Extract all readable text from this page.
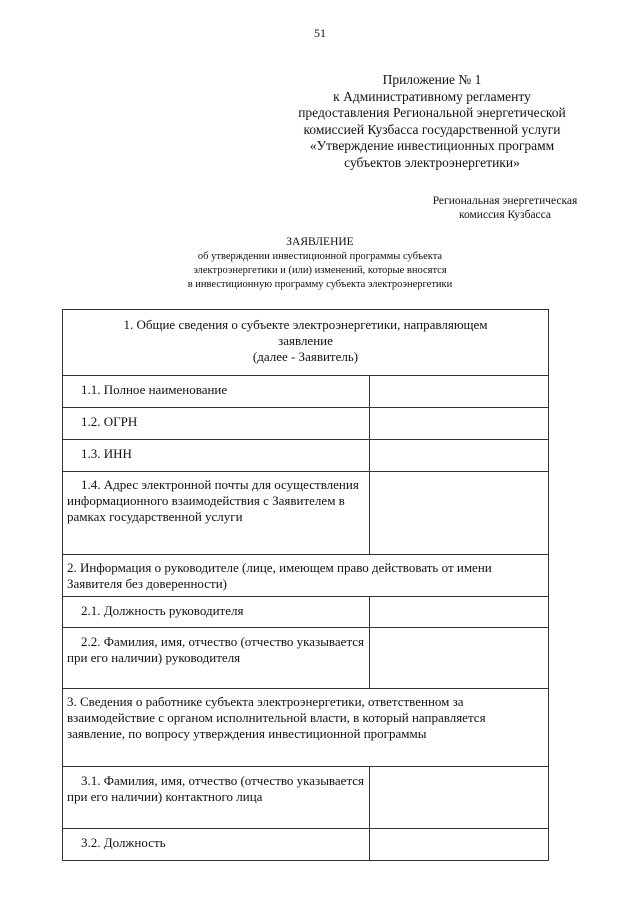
51
Приложение № 1
к Административному регламенту
предоставления Региональной энергетической
комиссией Кузбасса государственной услуги
«Утверждение инвестиционных программ
субъектов электроэнергетики»
Региональная энергетическая
комиссия Кузбасса
ЗАЯВЛЕНИЕ
об утверждении инвестиционной программы субъекта
электроэнергетики и (или) изменений, которые вносятся
в инвестиционную программу субъекта электроэнергетики
1. Общие сведения о субъекте электроэнергетики, направляющем
заявление
(далее - Заявитель)	

1.1. Полное наименование	
1.2. ОГРН	
1.3. ИНН	
1.4. Адрес электронной почты для осуществления информационного взаимодействия с Заявителем в рамках государственной услуги	
2. Информация о руководителе (лице, имеющем право действовать от имени Заявителя без доверенности)	
2.1. Должность руководителя	
2.2. Фамилия, имя, отчество (отчество указывается при его наличии) руководителя	
3. Сведения о работнике субъекта электроэнергетики, ответственном за взаимодействие с органом исполнительной власти, в который направляется заявление, по вопросу утверждения инвестиционной программы	
3.1. Фамилия, имя, отчество (отчество указывается при его наличии) контактного лица	
3.2. Должность	
